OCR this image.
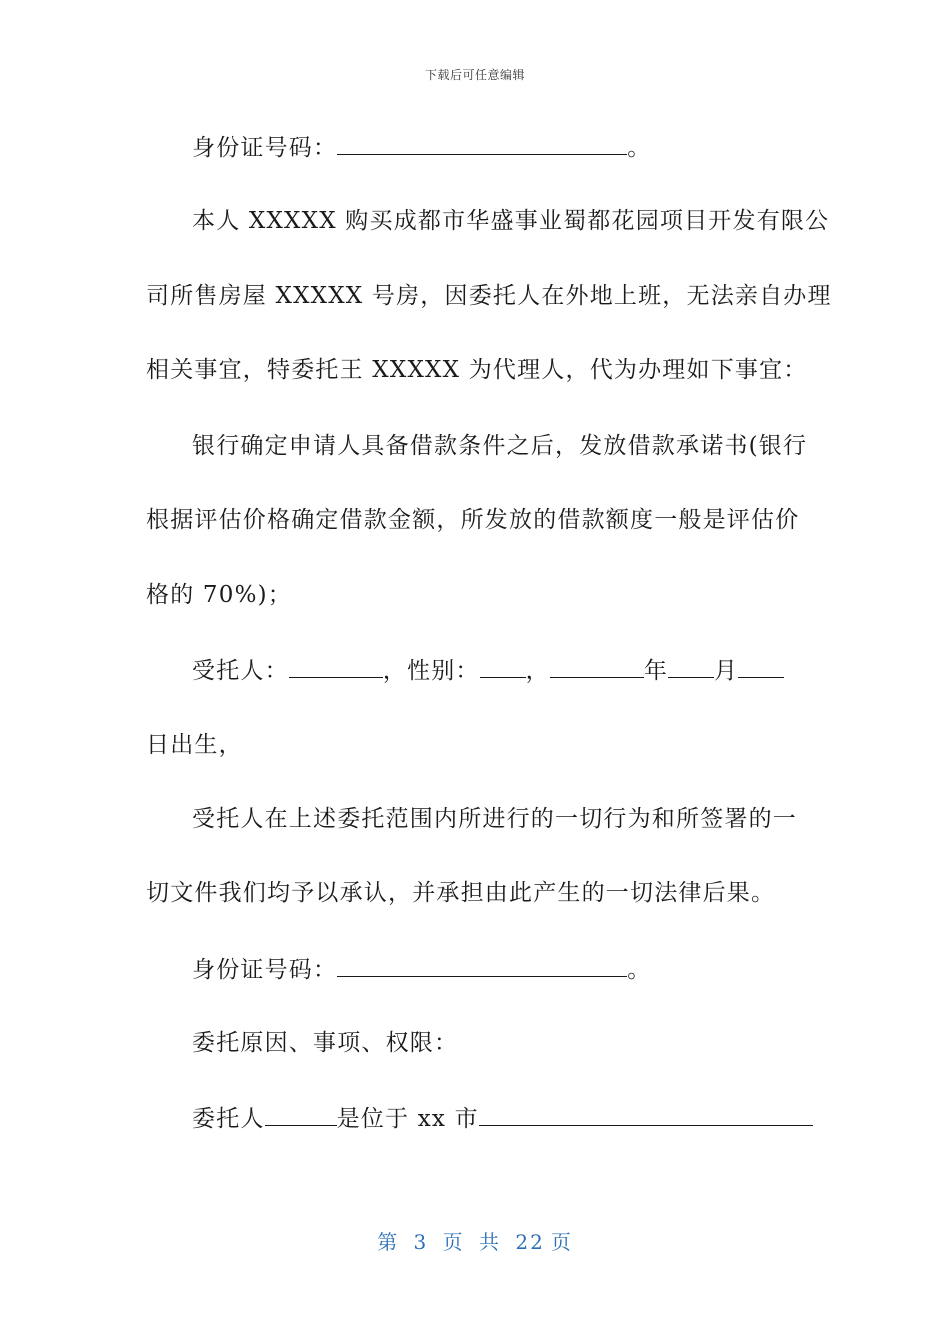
下载后可任意编辑
身份证号码：	。
本人 XXXXX 购买成都市华盛事业蜀都花园项目开发有限公
司所售房屋 XXXXX 号房，因委托人在外地上班，无法亲自办理
相关事宜，特委托王 XXXXX 为代理人，代为办理如下事宜：
银行确定申请人具备借款条件之后，发放借款承诺书(银行
根据评估价格确定借款金额，所发放的借款额度一般是评估价
格的 70%)；
受托人：	，性别： ，	年 月
日出生，
受托人在上述委托范围内所进行的一切行为和所签署的一
切文件我们均予以承认，并承担由此产生的一切法律后果。
身份证号码：	。
委托原因、事项、权限：
委托人	是位于 xx 市
第 3 页 共 22 页
